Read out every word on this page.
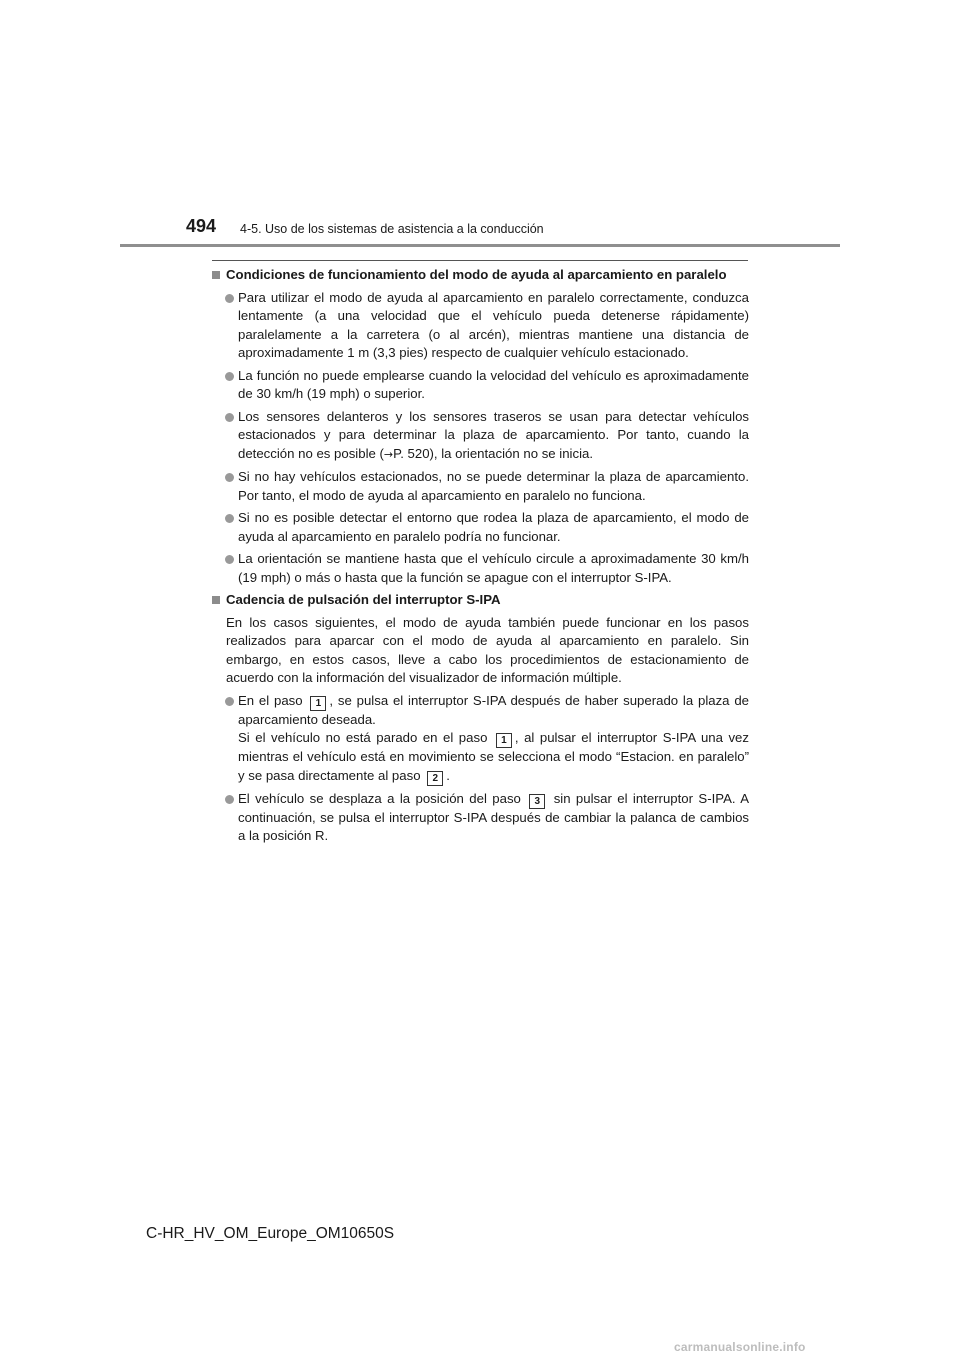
494 4-5. Uso de los sistemas de asistencia a la conducción
Condiciones de funcionamiento del modo de ayuda al aparcamiento en paralelo
Para utilizar el modo de ayuda al aparcamiento en paralelo correctamente, conduzca lentamente (a una velocidad que el vehículo pueda detenerse rápidamente) paralelamente a la carretera (o al arcén), mientras mantiene una distancia de aproximadamente 1 m (3,3 pies) respecto de cualquier vehículo estacionado.
La función no puede emplearse cuando la velocidad del vehículo es aproximadamente de 30 km/h (19 mph) o superior.
Los sensores delanteros y los sensores traseros se usan para detectar vehículos estacionados y para determinar la plaza de aparcamiento. Por tanto, cuando la detección no es posible (→P. 520), la orientación no se inicia.
Si no hay vehículos estacionados, no se puede determinar la plaza de aparcamiento. Por tanto, el modo de ayuda al aparcamiento en paralelo no funciona.
Si no es posible detectar el entorno que rodea la plaza de aparcamiento, el modo de ayuda al aparcamiento en paralelo podría no funcionar.
La orientación se mantiene hasta que el vehículo circule a aproximadamente 30 km/h (19 mph) o más o hasta que la función se apague con el interruptor S-IPA.
Cadencia de pulsación del interruptor S-IPA
En los casos siguientes, el modo de ayuda también puede funcionar en los pasos realizados para aparcar con el modo de ayuda al aparcamiento en paralelo. Sin embargo, en estos casos, lleve a cabo los procedimientos de estacionamiento de acuerdo con la información del visualizador de información múltiple.
En el paso 1 , se pulsa el interruptor S-IPA después de haber superado la plaza de aparcamiento deseada.
Si el vehículo no está parado en el paso 1 , al pulsar el interruptor S-IPA una vez mientras el vehículo está en movimiento se selecciona el modo “Estacion. en paralelo” y se pasa directamente al paso 2 .
El vehículo se desplaza a la posición del paso 3 sin pulsar el interruptor S-IPA. A continuación, se pulsa el interruptor S-IPA después de cambiar la palanca de cambios a la posición R.
C-HR_HV_OM_Europe_OM10650S
carmanualsonline.info
